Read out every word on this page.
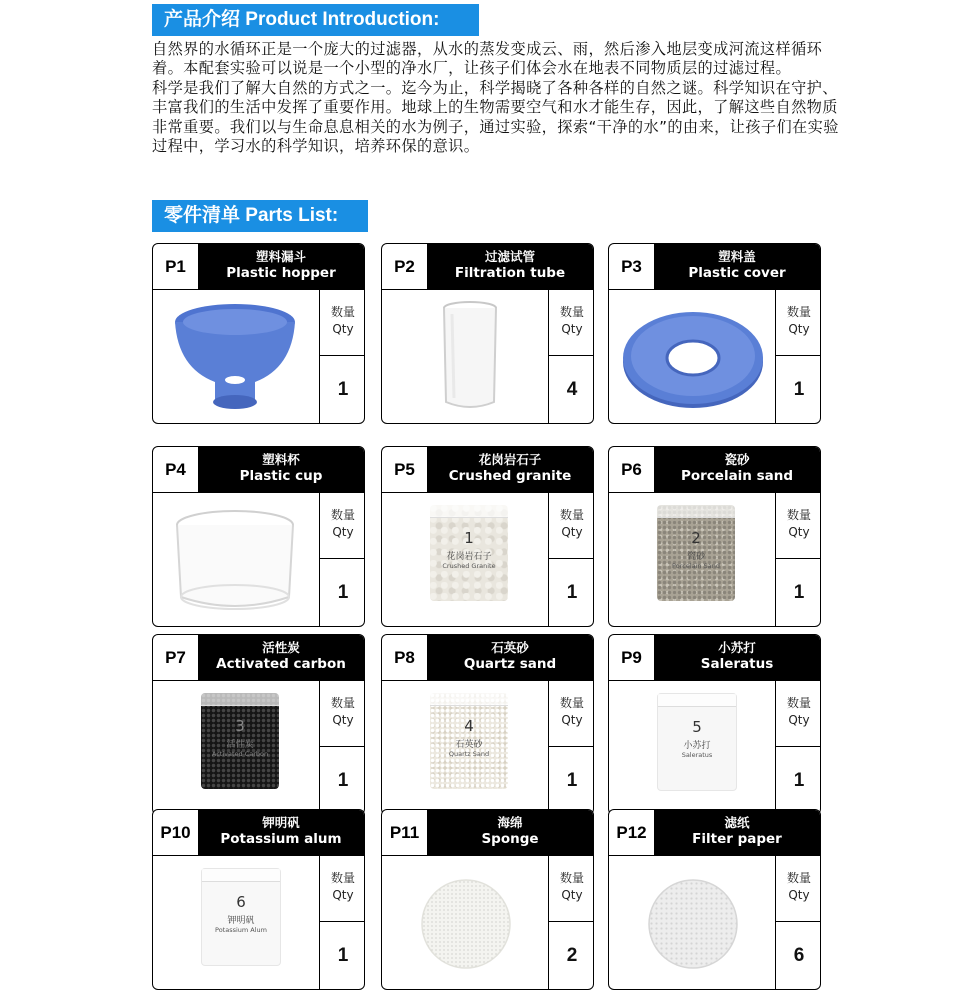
产品介绍 Product Introduction:

自然界的水循环正是一个庞大的过滤器，从水的蒸发变成云、雨，然后渗入地层变成河流这样循环着。本配套实验可以说是一个小型的净水厂，让孩子们体会水在地表不同物质层的过滤过程。

科学是我们了解大自然的方式之一。迄今为止，科学揭晓了各种各样的自然之谜。科学知识在守护、丰富我们的生活中发挥了重要作用。地球上的生物需要空气和水才能生存，因此，了解这些自然物质非常重要。我们以与生命息息相关的水为例子，通过实验，探索“干净的水”的由来，让孩子们在实验过程中，学习水的科学知识，培养环保的意识。

零件清单 Parts List:
P1
塑料漏斗
Plastic hopper
数量
Qty
1
P2
过滤试管
Filtration tube
数量
Qty
4
P3
塑料盖
Plastic cover
数量
Qty
1
P4
塑料杯
Plastic cup
数量
Qty
1
P5
花岗岩石子
Crushed granite
1
花岗岩石子
Crushed Granite
数量
Qty
1
P6
瓷砂
Porcelain sand
2
瓷砂
Porcelain Sand
数量
Qty
1
P7
活性炭
Activated carbon
3
活性炭
Activated Carbon
数量
Qty
1
P8
石英砂
Quartz sand
4
石英砂
Quartz Sand
数量
Qty
1
P9
小苏打
Saleratus
5
小苏打
Saleratus
数量
Qty
1
P10
钾明矾
Potassium alum
6
钾明矾
Potassium Alum
数量
Qty
1
P11
海绵
Sponge
数量
Qty
2
P12
滤纸
Filter paper
数量
Qty
6
